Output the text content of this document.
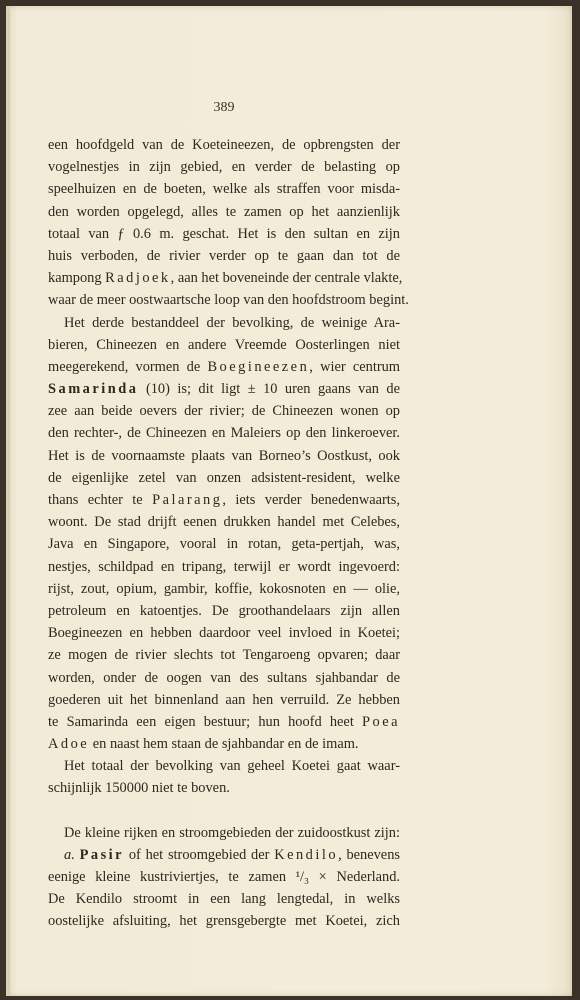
389
een hoofdgeld van de Koeteineezen, de opbrengsten der
vogelnestjes in zijn gebied, en verder de belasting op
speelhuizen en de boeten, welke als straffen voor misda-
den worden opgelegd, alles te zamen op het aanzienlijk
totaal van ƒ 0.6 m. geschat. Het is den sultan en zijn
huis verboden, de rivier verder op te gaan dan tot de
kampong Radjoek, aan het boveneinde der centrale vlakte,
waar de meer oostwaartsche loop van den hoofdstroom begint.
Het derde bestanddeel der bevolking, de weinige Ara-
bieren, Chineezen en andere Vreemde Oosterlingen niet
meegerekend, vormen de Boegineezen, wier centrum
Samarinda (10) is; dit ligt ± 10 uren gaans van de
zee aan beide oevers der rivier; de Chineezen wonen op
den rechter-, de Chineezen en Maleiers op den linkeroever.
Het is de voornaamste plaats van Borneo’s Oostkust, ook
de eigenlijke zetel van onzen adsistent-resident, welke
thans echter te Palarang, iets verder benedenwaarts,
woont. De stad drijft eenen drukken handel met Celebes,
Java en Singapore, vooral in rotan, geta-pertjah, was,
nestjes, schildpad en tripang, terwijl er wordt ingevoerd:
rijst, zout, opium, gambir, koffie, kokosnoten en — olie,
petroleum en katoentjes. De groothandelaars zijn allen
Boegineezen en hebben daardoor veel invloed in Koetei;
ze mogen de rivier slechts tot Tengaroeng opvaren; daar
worden, onder de oogen van des sultans sjahbandar de
goederen uit het binnenland aan hen verruild. Ze hebben
te Samarinda een eigen bestuur; hun hoofd heet Poea
Adoe en naast hem staan de sjahbandar en de imam.
Het totaal der bevolking van geheel Koetei gaat waar-
schijnlijk 150000 niet te boven.
De kleine rijken en stroomgebieden der zuidoostkust zijn:
a. Pasir of het stroomgebied der Kendilo, benevens
eenige kleine kustriviertjes, te zamen ¹/₃ × Nederland.
De Kendilo stroomt in een lang lengtedal, in welks
oostelijke afsluiting, het grensgebergte met Koetei, zich
